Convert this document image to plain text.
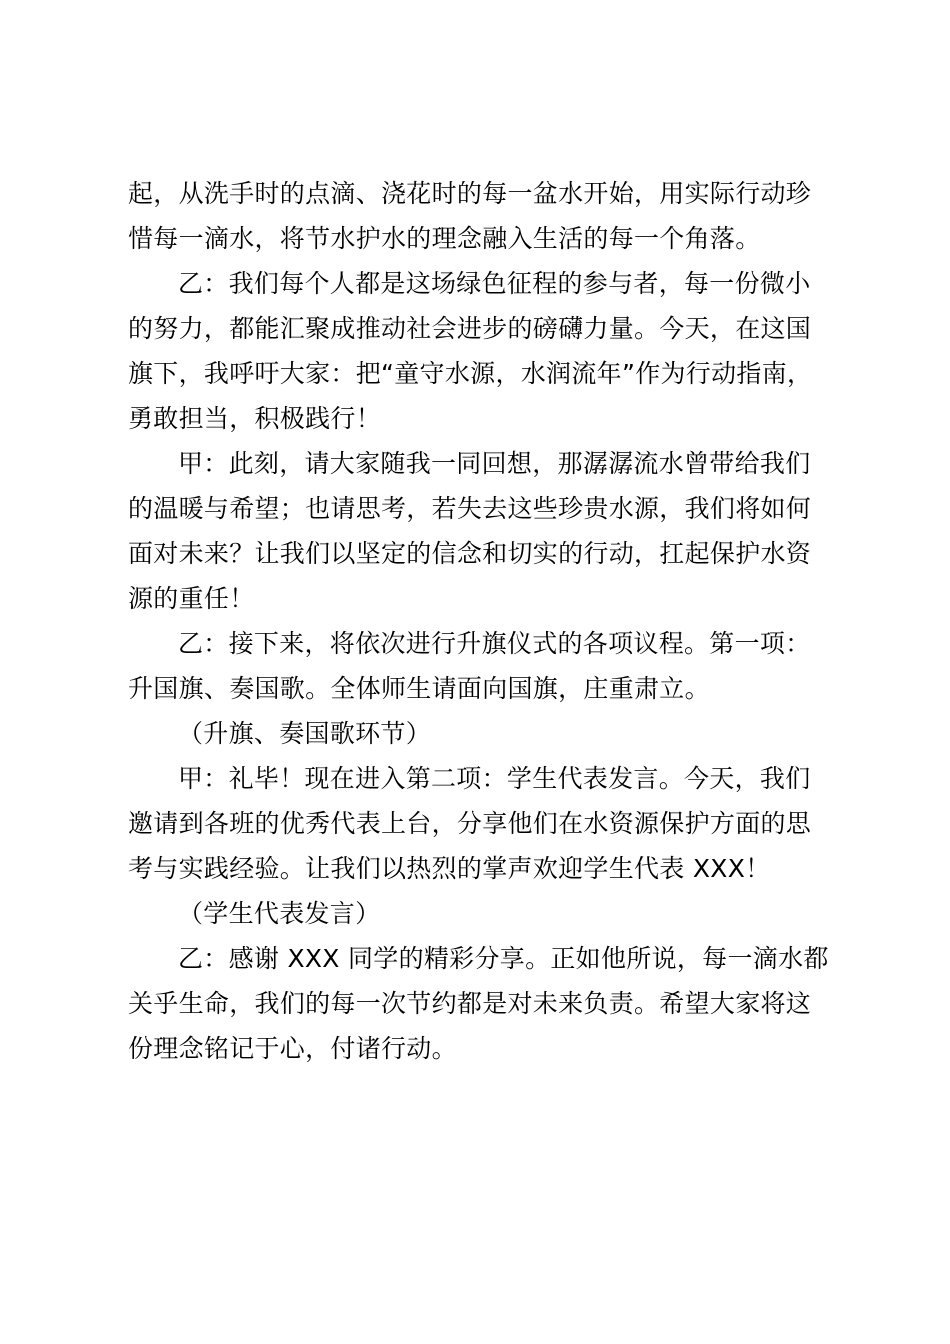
起，从洗手时的点滴、浇花时的每一盆水开始，用实际行动珍
惜每一滴水，将节水护水的理念融入生活的每一个角落。
乙：我们每个人都是这场绿色征程的参与者，每一份微小
的努力，都能汇聚成推动社会进步的磅礴力量。今天，在这国
旗下，我呼吁大家：把“童守水源，水润流年”作为行动指南，
勇敢担当，积极践行！
甲：此刻，请大家随我一同回想，那潺潺流水曾带给我们
的温暖与希望；也请思考，若失去这些珍贵水源，我们将如何
面对未来？让我们以坚定的信念和切实的行动，扛起保护水资
源的重任！
乙：接下来，将依次进行升旗仪式的各项议程。第一项：
升国旗、奏国歌。全体师生请面向国旗，庄重肃立。
（升旗、奏国歌环节）
甲：礼毕！现在进入第二项：学生代表发言。今天，我们
邀请到各班的优秀代表上台，分享他们在水资源保护方面的思
考与实践经验。让我们以热烈的掌声欢迎学生代表 XXX！
（学生代表发言）
乙：感谢 XXX 同学的精彩分享。正如他所说，每一滴水都
关乎生命，我们的每一次节约都是对未来负责。希望大家将这
份理念铭记于心，付诸行动。
